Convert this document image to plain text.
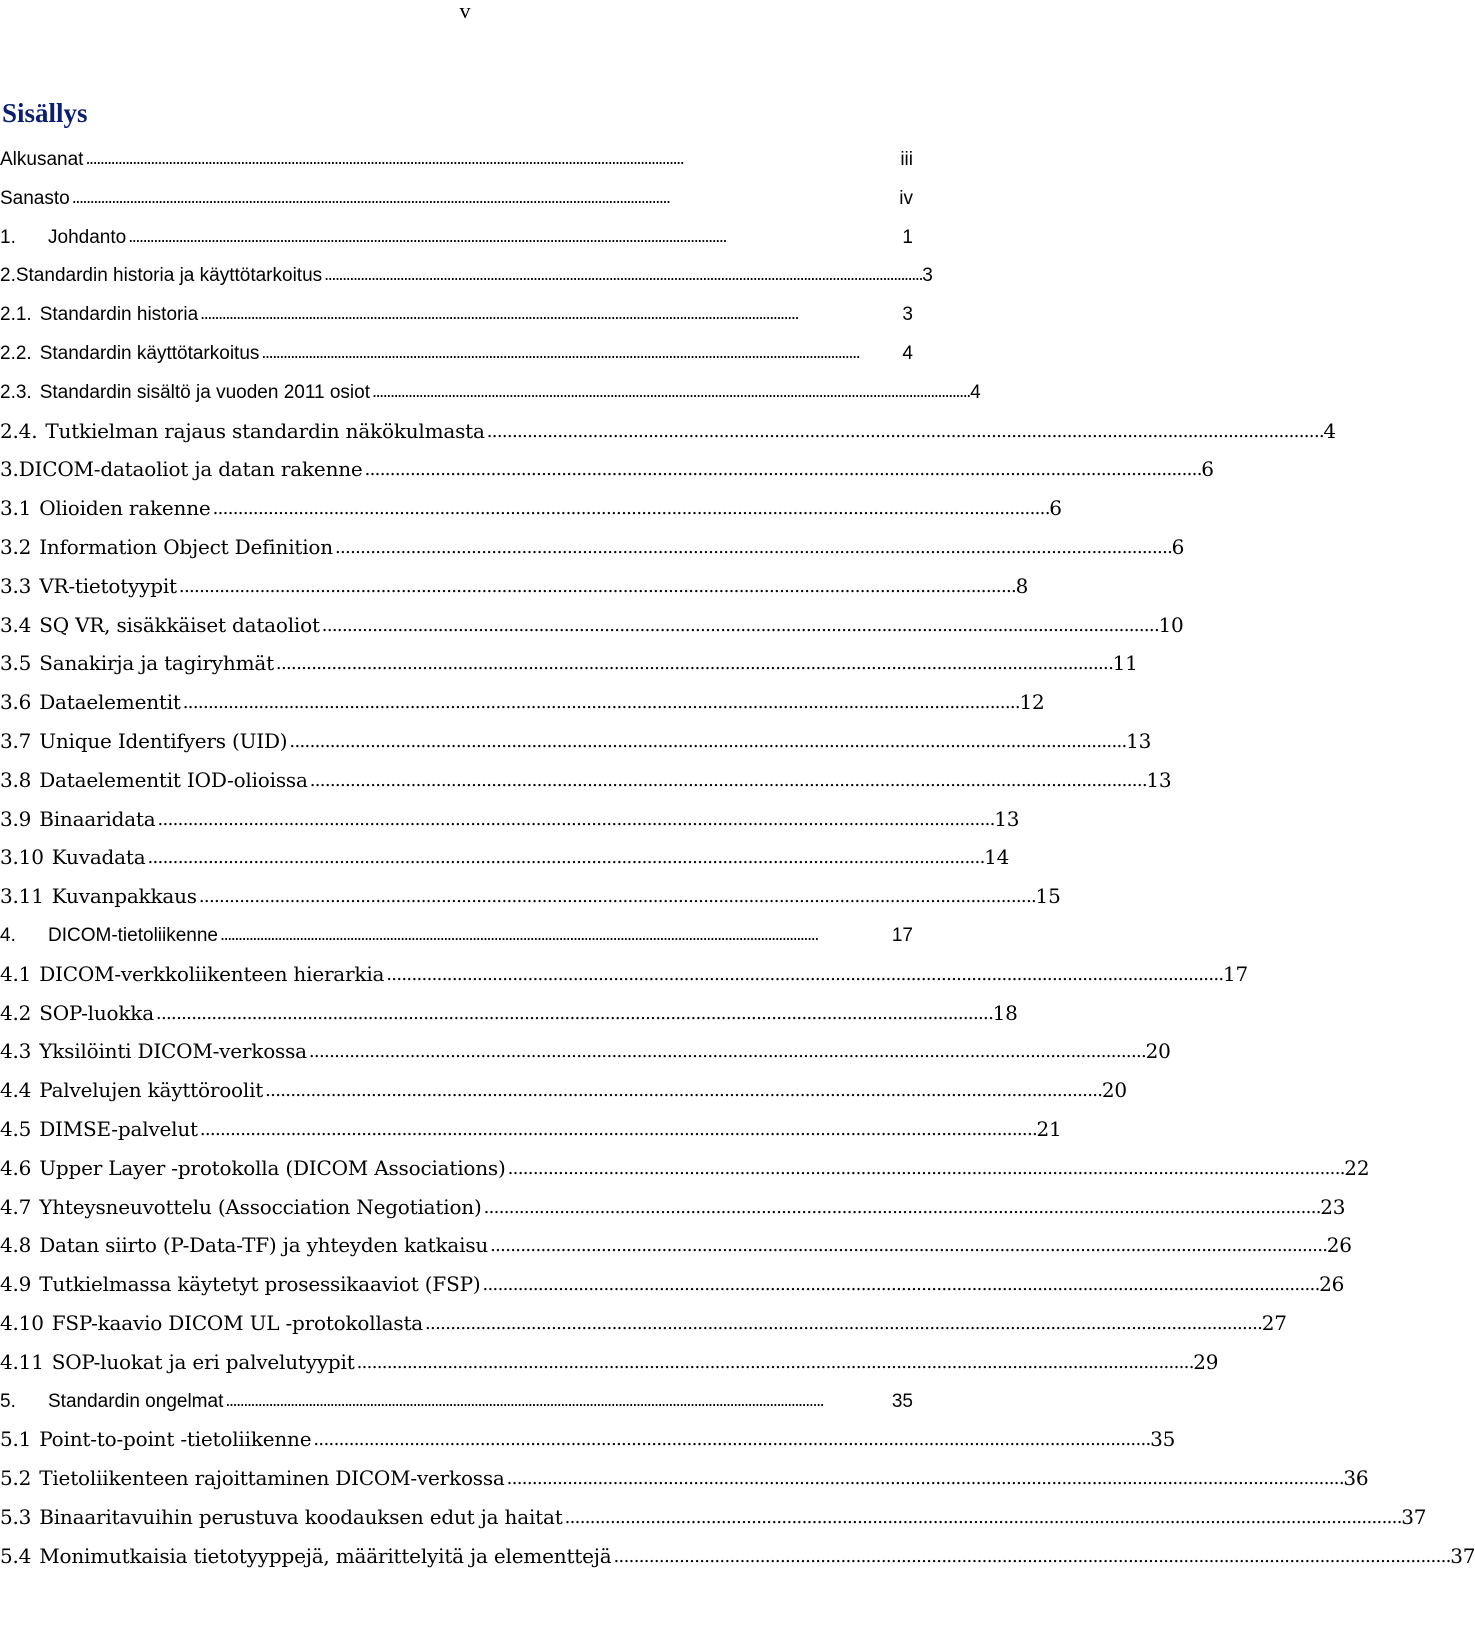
v
Sisällys
Alkusanat . . .	iii
Sanasto . . .	iv
1.	Johdanto . . .	1
2. Standardin historia ja käyttötarkoitus . . .	3
2.1. Standardin historia . . .	3
2.2. Standardin käyttötarkoitus . . .	4
2.3. Standardin sisältö ja vuoden 2011 osiot . . .	4
2.4. Tutkielman rajaus standardin näkökulmasta . . .	4
3. DICOM-dataoliot ja datan rakenne . . .	6
3.1 Olioiden rakenne . . .	6
3.2 Information Object Definition . . .	6
3.3 VR-tietotyypit . . .	8
3.4 SQ VR, sisäkkäiset dataoliot . . .	10
3.5 Sanakirja ja tagiryhmät . . .	11
3.6 Dataelementit . . .	12
3.7 Unique Identifyers (UID) . . .	13
3.8 Dataelementit IOD-olioissa . . .	13
3.9 Binaaridata . . .	13
3.10 Kuvadata . . .	14
3.11 Kuvanpakkaus . . .	15
4.	DICOM-tietoliikenne . . .	17
4.1 DICOM-verkkoliikenteen hierarkia . . .	17
4.2 SOP-luokka . . .	18
4.3 Yksilöinti DICOM-verkossa . . .	20
4.4 Palvelujen käyttöroolit . . .	20
4.5 DIMSE-palvelut . . .	21
4.6 Upper Layer -protokolla (DICOM Associations) . . .	22
4.7 Yhteysneuvottelu (Assocciation Negotiation) . . .	23
4.8 Datan siirto (P-Data-TF) ja yhteyden katkaisu . . .	26
4.9 Tutkielmassa käytetyt prosessikaaviot (FSP) . . .	26
4.10 FSP-kaavio DICOM UL -protokollasta . . .	27
4.11 SOP-luokat ja eri palvelutyypit . . .	29
5.	Standardin ongelmat . . .	35
5.1 Point-to-point -tietoliikenne . . .	35
5.2 Tietoliikenteen rajoittaminen DICOM-verkossa . . .	36
5.3 Binaaritavuihin perustuva koodauksen edut ja haitat . . .	37
5.4 Monimutkaisia tietotyyppejä, määrittelyitä ja elementtejä . . .	37
